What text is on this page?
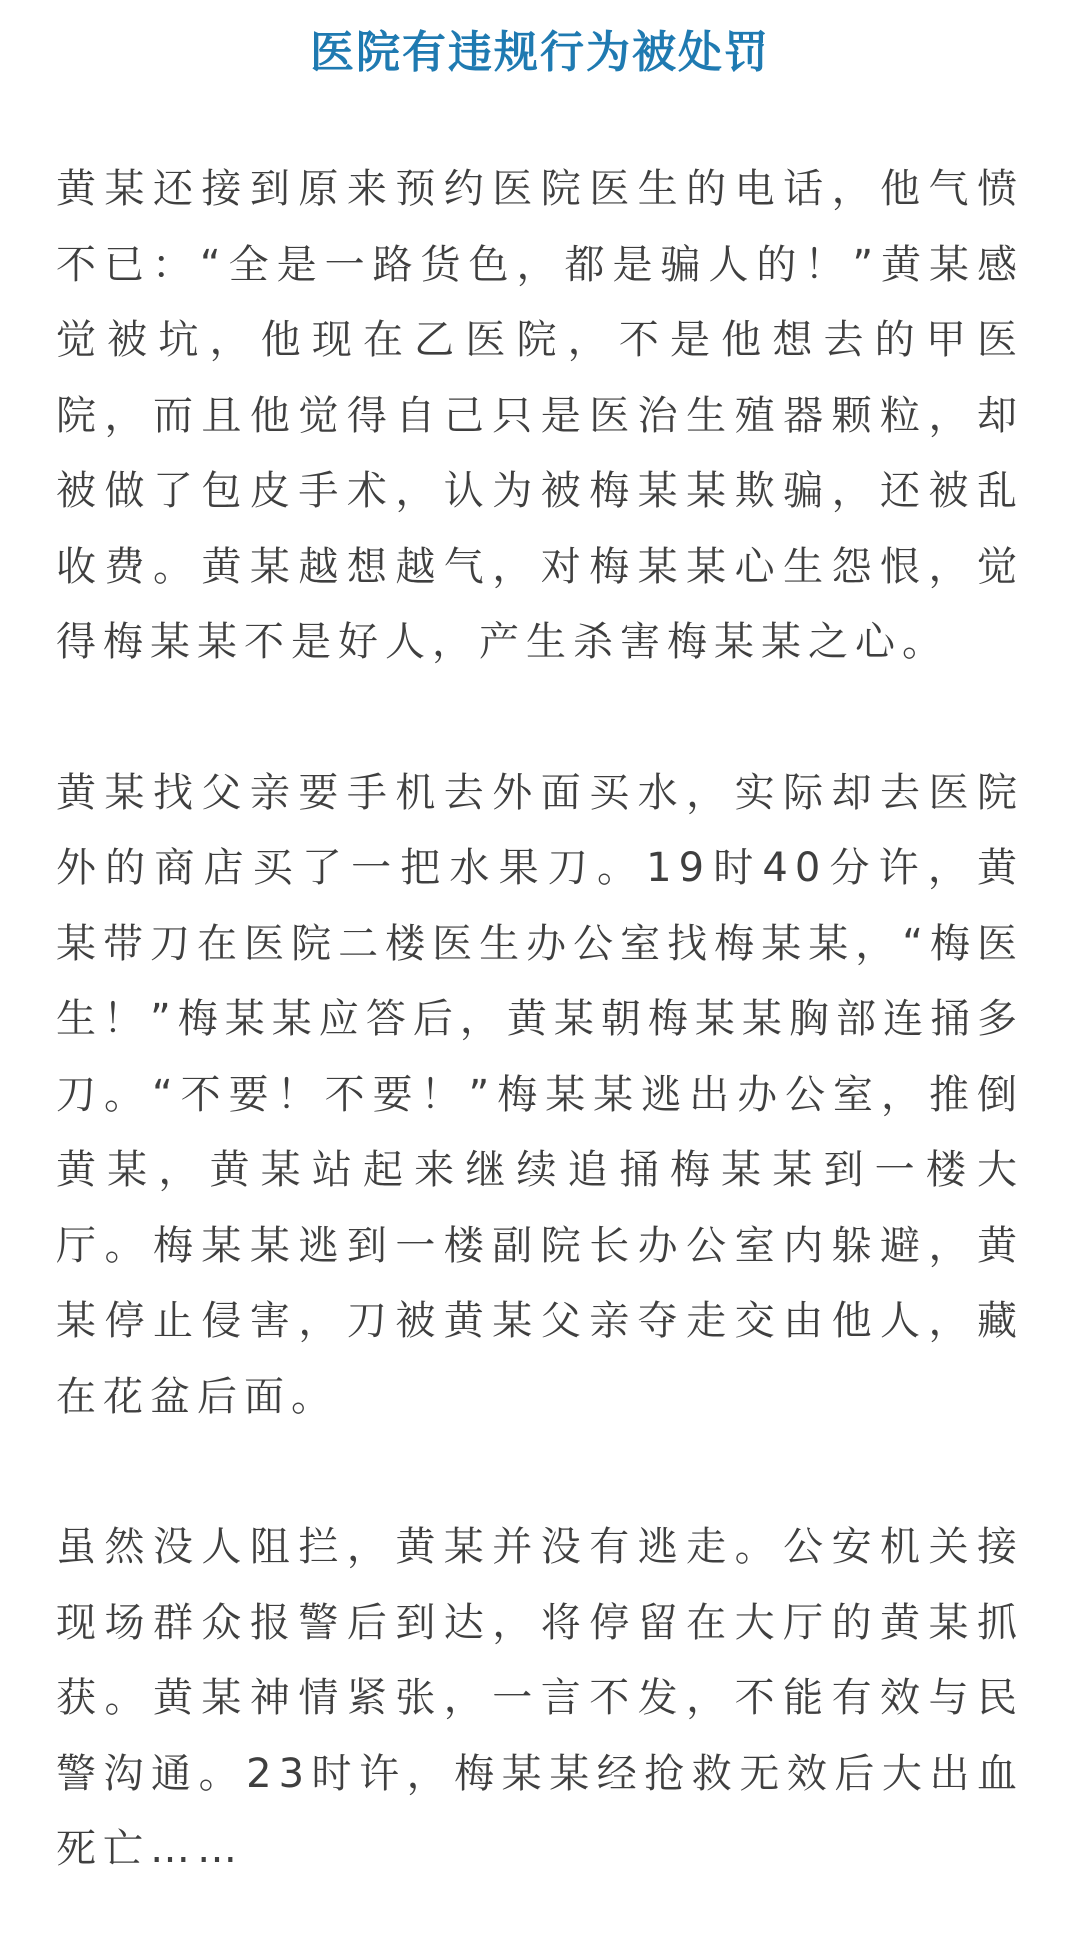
医院有违规行为被处罚

黄某还接到原来预约医院医生的电话，他气愤不已：“全是一路货色，都是骗人的！”黄某感觉被坑，他现在乙医院，不是他想去的甲医院，而且他觉得自己只是医治生殖器颗粒，却被做了包皮手术，认为被梅某某欺骗，还被乱收费。黄某越想越气，对梅某某心生怨恨，觉得梅某某不是好人，产生杀害梅某某之心。

黄某找父亲要手机去外面买水，实际却去医院外的商店买了一把水果刀。19时40分许，黄某带刀在医院二楼医生办公室找梅某某，“梅医生！”梅某某应答后，黄某朝梅某某胸部连捅多刀。“不要！不要！”梅某某逃出办公室，推倒黄某，黄某站起来继续追捅梅某某到一楼大厅。梅某某逃到一楼副院长办公室内躲避，黄某停止侵害，刀被黄某父亲夺走交由他人，藏在花盆后面。

虽然没人阻拦，黄某并没有逃走。公安机关接现场群众报警后到达，将停留在大厅的黄某抓获。黄某神情紧张，一言不发，不能有效与民警沟通。23时许，梅某某经抢救无效后大出血死亡……
